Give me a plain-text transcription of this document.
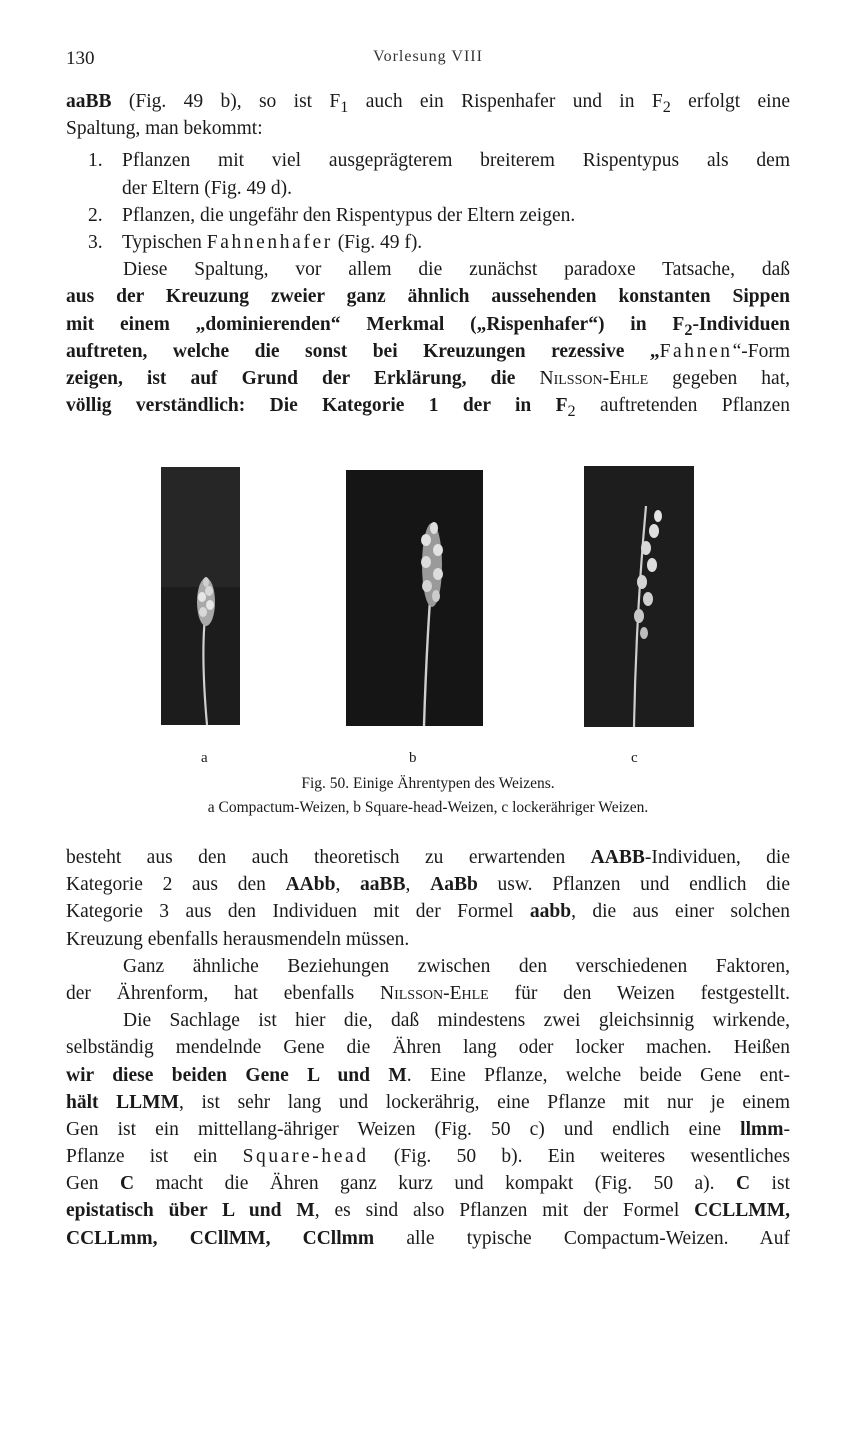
130	Vorlesung VIII
aaBB (Fig. 49 b), so ist $F_1$ auch ein Rispenhafer und in $F_2$ erfolgt eine
Spaltung, man bekommt:
1. Pflanzen mit viel ausgeprägterem breiterem Rispentypus als dem
der Eltern (Fig. 49 d).
2. Pflanzen, die ungefähr den Rispentypus der Eltern zeigen.
3. Typischen Fahnenhafer (Fig. 49 f).
Diese Spaltung, vor allem die zunächst paradoxe Tatsache, daß
aus der Kreuzung zweier ganz ähnlich aussehenden konstanten Sippen
mit einem „dominierenden“ Merkmal („Rispenhafer“) in $F_2$-Individuen
auftreten, welche die sonst bei Kreuzungen rezessive „Fahnen“-Form
zeigen, ist auf Grund der Erklärung, die Nilsson-Ehle gegeben hat,
völlig verständlich: Die Kategorie 1 der in $F_2$ auftretenden Pflanzen
a	b	c
Fig. 50. Einige Ährentypen des Weizens.
a Compactum-Weizen, b Square-head-Weizen, c lockerähriger Weizen.
besteht aus den auch theoretisch zu erwartenden AABB-Individuen, die
Kategorie 2 aus den AAbb, aaBB, AaBb usw. Pflanzen und endlich die
Kategorie 3 aus den Individuen mit der Formel aabb, die aus einer solchen
Kreuzung ebenfalls herausmendeln müssen.
Ganz ähnliche Beziehungen zwischen den verschiedenen Faktoren,
der Ährenform, hat ebenfalls Nilsson-Ehle für den Weizen festgestellt.
Die Sachlage ist hier die, daß mindestens zwei gleichsinnig wirkende,
selbständig mendelnde Gene die Ähren lang oder locker machen. Heißen
wir diese beiden Gene L und M. Eine Pflanze, welche beide Gene ent-
hält LLMM, ist sehr lang und lockerährig, eine Pflanze mit nur je einem
Gen ist ein mittellang-ähriger Weizen (Fig. 50 c) und endlich eine llmm-
Pflanze ist ein Square-head (Fig. 50 b). Ein weiteres wesentliches
Gen C macht die Ähren ganz kurz und kompakt (Fig. 50 a). C ist
epistatisch über L und M, es sind also Pflanzen mit der Formel CCLLMM,
CCLLmm, CCllMM, CCllmm alle typische Compactum-Weizen. Auf
